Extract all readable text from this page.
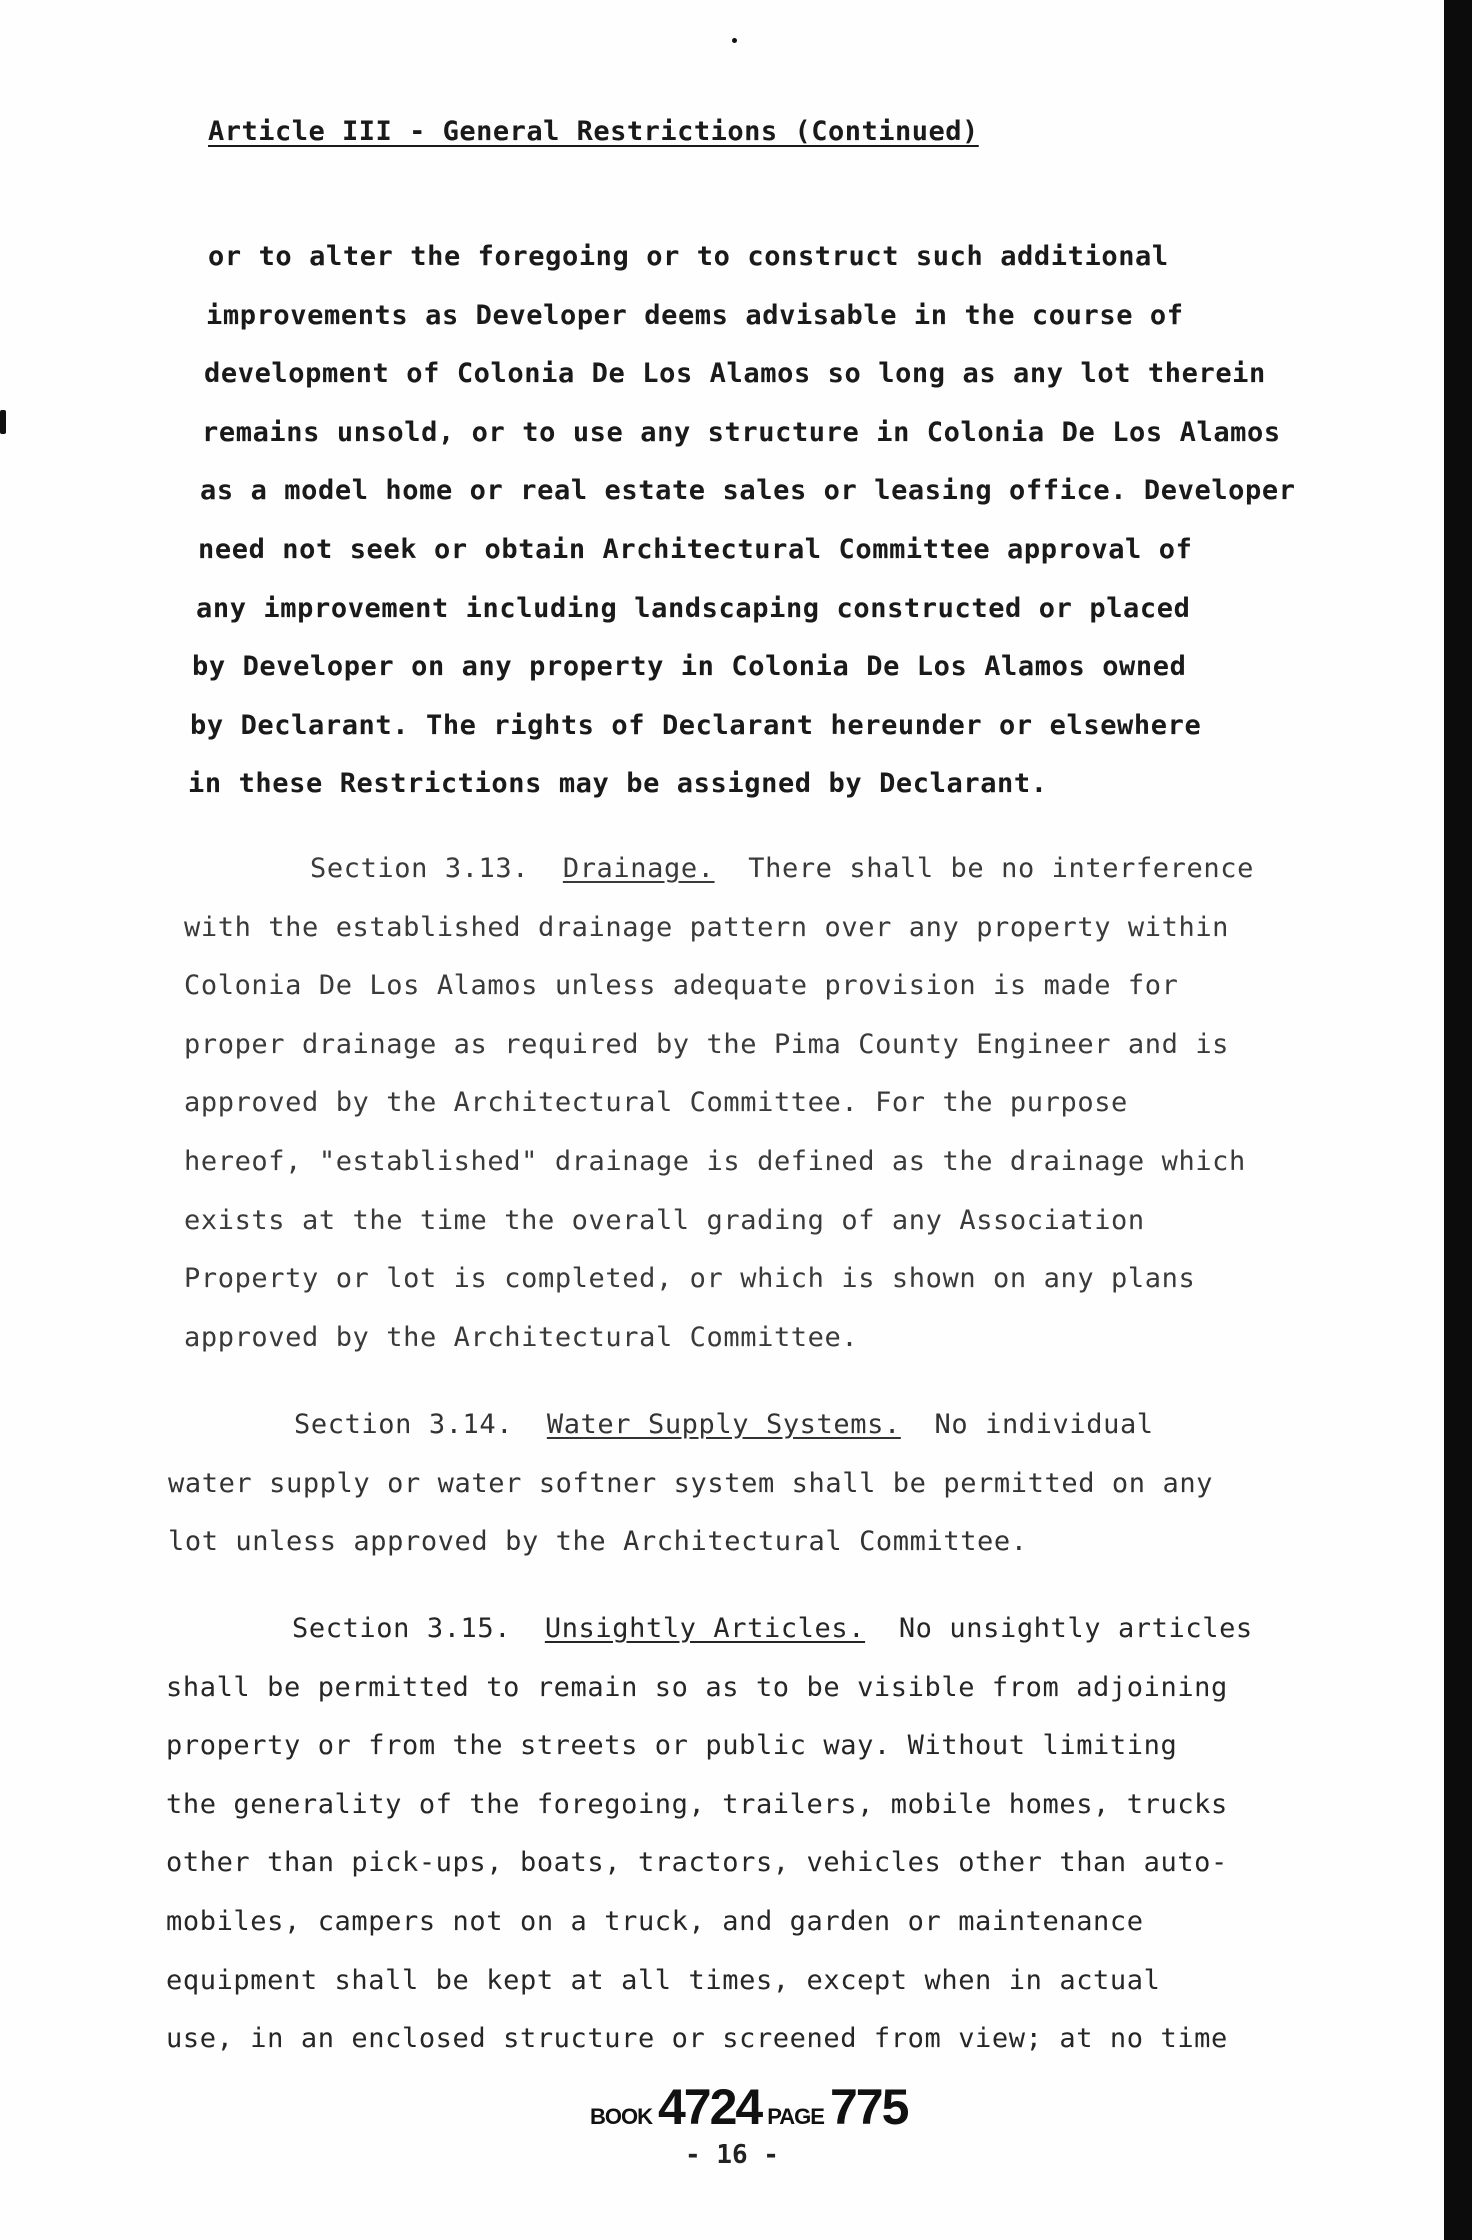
Article III - General Restrictions (Continued)
or to alter the foregoing or to construct such additional
improvements as Developer deems advisable in the course of
development of Colonia De Los Alamos so long as any lot therein
remains unsold, or to use any structure in Colonia De Los Alamos
as a model home or real estate sales or leasing office. Developer
need not seek or obtain Architectural Committee approval of
any improvement including landscaping constructed or placed
by Developer on any property in Colonia De Los Alamos owned
by Declarant. The rights of Declarant hereunder or elsewhere
in these Restrictions may be assigned by Declarant.
Section 3.13. Drainage. There shall be no interference
with the established drainage pattern over any property within
Colonia De Los Alamos unless adequate provision is made for
proper drainage as required by the Pima County Engineer and is
approved by the Architectural Committee. For the purpose
hereof, "established" drainage is defined as the drainage which
exists at the time the overall grading of any Association
Property or lot is completed, or which is shown on any plans
approved by the Architectural Committee.
Section 3.14. Water Supply Systems. No individual
water supply or water softner system shall be permitted on any
lot unless approved by the Architectural Committee.
Section 3.15. Unsightly Articles. No unsightly articles
shall be permitted to remain so as to be visible from adjoining
property or from the streets or public way. Without limiting
the generality of the foregoing, trailers, mobile homes, trucks
other than pick-ups, boats, tractors, vehicles other than auto-
mobiles, campers not on a truck, and garden or maintenance
equipment shall be kept at all times, except when in actual
use, in an enclosed structure or screened from view; at no time
BOOK 4724 PAGE 775
- 16 -
